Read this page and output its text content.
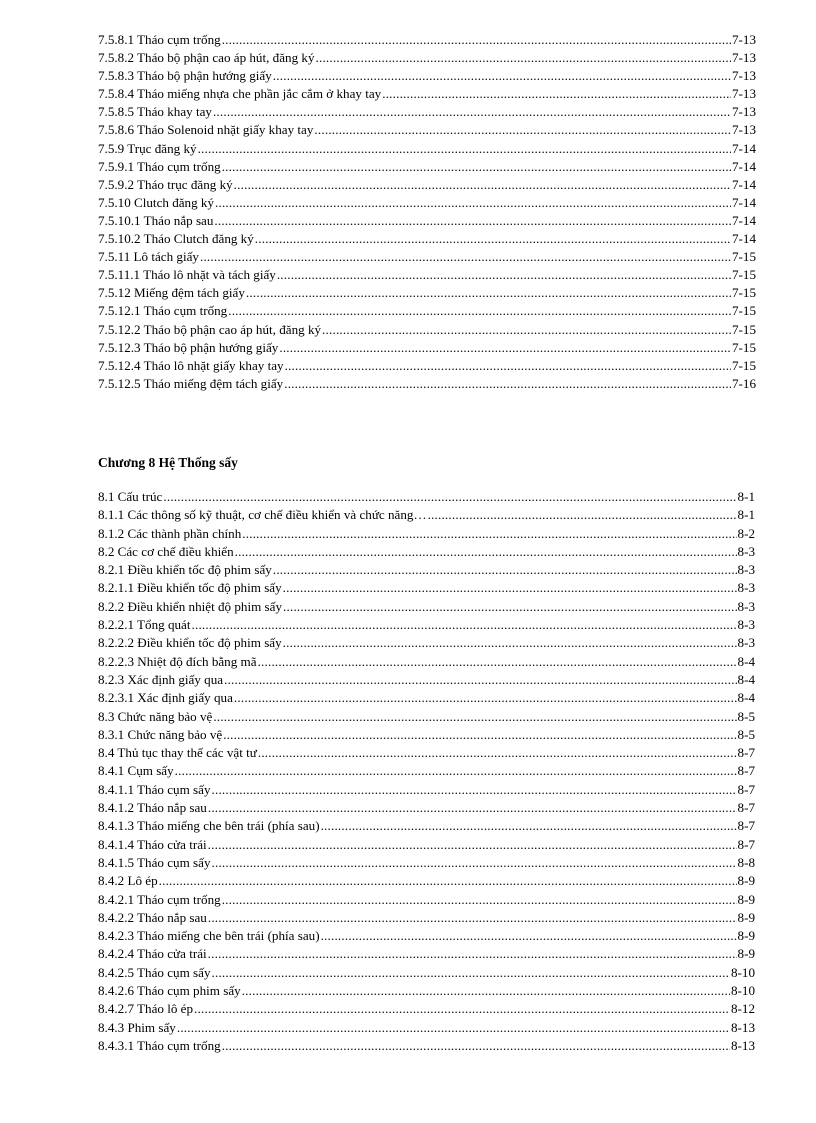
7.5.8.1 Tháo cụm trống .....	7-13
7.5.8.2 Tháo bộ phận cao áp hút, đăng ký .....	7-13
7.5.8.3 Tháo bộ phận hướng giấy .....	7-13
7.5.8.4 Tháo miếng nhựa che phần jắc cắm ở khay tay .....	7-13
7.5.8.5 Tháo khay tay .....	7-13
7.5.8.6 Tháo Solenoid nhặt giấy khay tay .....	7-13
7.5.9 Trục đăng ký .....	7-14
7.5.9.1 Tháo cụm trống .....	7-14
7.5.9.2 Tháo trục đăng ký .....	7-14
7.5.10 Clutch đăng ký .....	7-14
7.5.10.1 Tháo nắp sau .....	7-14
7.5.10.2 Tháo Clutch đăng ký .....	7-14
7.5.11 Lô tách giấy .....	7-15
7.5.11.1 Tháo lô nhặt và tách giấy .....	7-15
7.5.12 Miếng đệm tách giấy .....	7-15
7.5.12.1 Tháo cụm trống .....	7-15
7.5.12.2 Tháo bộ phận cao áp hút, đăng ký .....	7-15
7.5.12.3 Tháo bộ phận hướng giấy .....	7-15
7.5.12.4 Tháo lô nhặt giấy khay tay .....	7-15
7.5.12.5 Tháo miếng đệm tách giấy .....	7-16
Chương 8 Hệ Thống sấy
8.1 Cấu trúc .....	8-1
8.1.1 Các thông số kỹ thuật, cơ chế điều khiển và chức năng… .....	8-1
8.1.2 Các thành phần chính .....	8-2
8.2 Các cơ chế điều khiển .....	8-3
8.2.1 Điều khiển tốc độ phim sấy .....	8-3
8.2.1.1 Điều khiển tốc độ phim sấy .....	8-3
8.2.2 Điều khiển nhiệt độ phim sấy .....	8-3
8.2.2.1 Tổng quát .....	8-3
8.2.2.2 Điều khiển tốc độ phim sấy .....	8-3
8.2.2.3 Nhiệt độ đích bằng mã .....	8-4
8.2.3 Xác định giấy qua .....	8-4
8.2.3.1 Xác định giấy qua .....	8-4
8.3 Chức năng bảo vệ .....	8-5
8.3.1 Chức năng bảo vệ .....	8-5
8.4 Thủ tục thay thế các vật tư .....	8-7
8.4.1 Cụm sấy .....	8-7
8.4.1.1 Tháo cụm sấy .....	8-7
8.4.1.2 Tháo nắp sau .....	8-7
8.4.1.3 Tháo miếng che bên trái (phía sau) .....	8-7
8.4.1.4 Tháo cửa trái .....	8-7
8.4.1.5 Tháo cụm sấy .....	8-8
8.4.2 Lô ép .....	8-9
8.4.2.1 Tháo cụm trống .....	8-9
8.4.2.2 Tháo nắp sau .....	8-9
8.4.2.3 Tháo miếng che bên trái (phía sau) .....	8-9
8.4.2.4 Tháo cửa trái .....	8-9
8.4.2.5 Tháo cụm sấy .....	8-10
8.4.2.6 Tháo cụm phim sấy .....	8-10
8.4.2.7 Tháo lô ép .....	8-12
8.4.3 Phim sấy .....	8-13
8.4.3.1 Tháo cụm trống .....	8-13
